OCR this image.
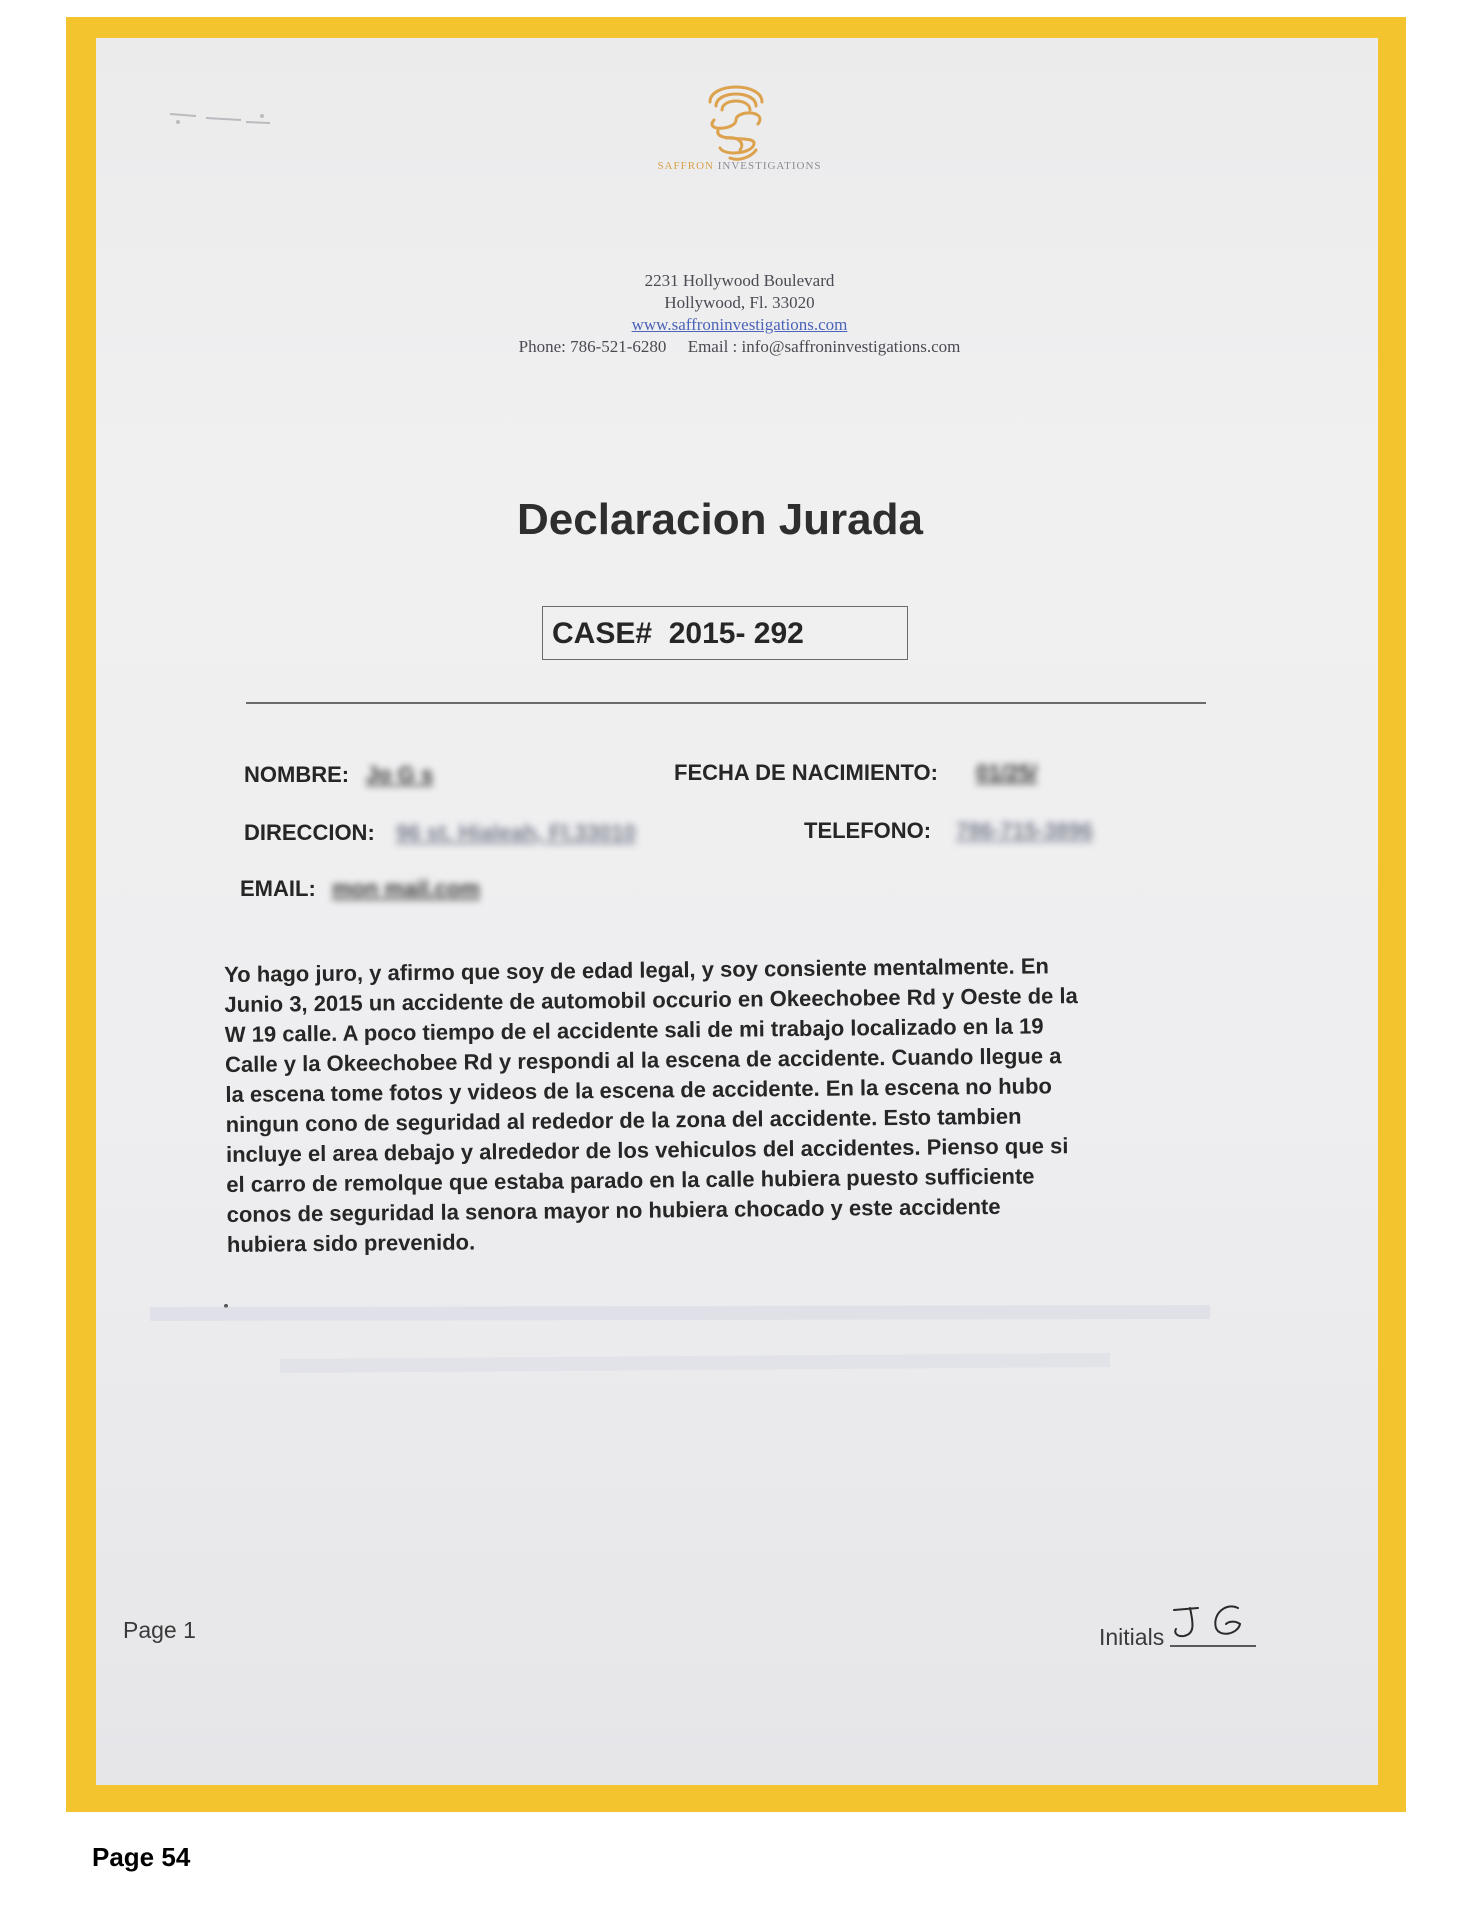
SAFFRON INVESTIGATIONS
2231 Hollywood Boulevard
Hollywood, Fl. 33020
www.saffroninvestigations.com
Phone: 786-521-6280 Email : info@saffroninvestigations.com
Declaracion Jurada
CASE# 2015- 292
NOMBRE: Jo G s	FECHA DE NACIMIENTO: 01/25/
DIRECCION: 96 st. Hialeah, Fl.33010	TELEFONO: 786-715-3896
EMAIL: mon mail.com
Yo hago juro, y afirmo que soy de edad legal, y soy consiente mentalmente. En
Junio 3, 2015 un accidente de automobil occurio en Okeechobee Rd y Oeste de la
W 19 calle. A poco tiempo de el accidente sali de mi trabajo localizado en la 19
Calle y la Okeechobee Rd y respondi al la escena de accidente. Cuando llegue a
la escena tome fotos y videos de la escena de accidente. En la escena no hubo
ningun cono de seguridad al rededor de la zona del accidente. Esto tambien
incluye el area debajo y alrededor de los vehiculos del accidentes. Pienso que si
el carro de remolque que estaba parado en la calle hubiera puesto sufficiente
conos de seguridad la senora mayor no hubiera chocado y este accidente
hubiera sido prevenido.
Page 1	Initials
Page 54
